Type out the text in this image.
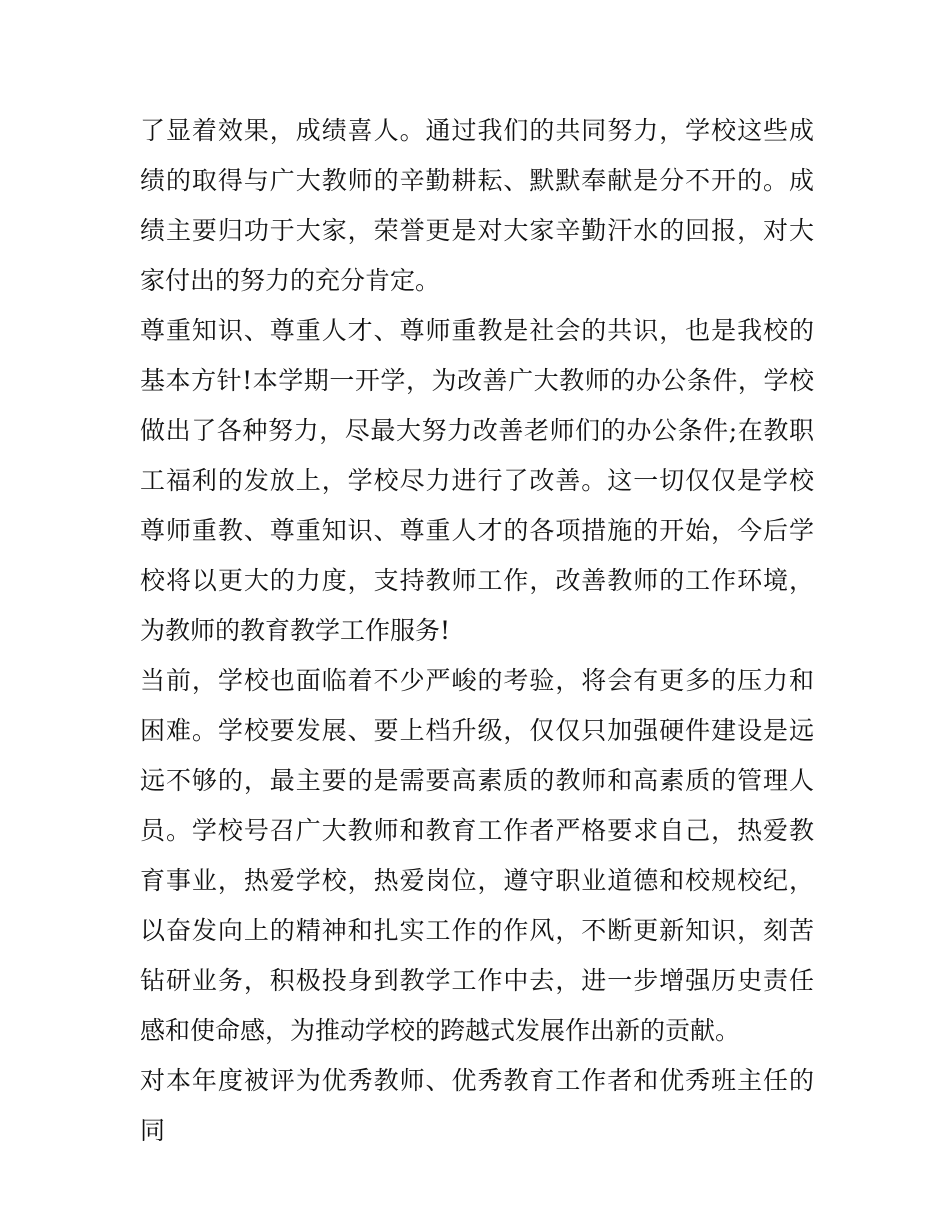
了显着效果，成绩喜人。通过我们的共同努力，学校这些成绩的取得与广大教师的辛勤耕耘、默默奉献是分不开的。成绩主要归功于大家，荣誉更是对大家辛勤汗水的回报，对大家付出的努力的充分肯定。

尊重知识、尊重人才、尊师重教是社会的共识，也是我校的基本方针!本学期一开学，为改善广大教师的办公条件，学校做出了各种努力，尽最大努力改善老师们的办公条件;在教职工福利的发放上，学校尽力进行了改善。这一切仅仅是学校尊师重教、尊重知识、尊重人才的各项措施的开始，今后学校将以更大的力度，支持教师工作，改善教师的工作环境，为教师的教育教学工作服务!

当前，学校也面临着不少严峻的考验，将会有更多的压力和困难。学校要发展、要上档升级，仅仅只加强硬件建设是远远不够的，最主要的是需要高素质的教师和高素质的管理人员。学校号召广大教师和教育工作者严格要求自己，热爱教育事业，热爱学校，热爱岗位，遵守职业道德和校规校纪，以奋发向上的精神和扎实工作的作风，不断更新知识，刻苦钻研业务，积极投身到教学工作中去，进一步增强历史责任感和使命感，为推动学校的跨越式发展作出新的贡献。

对本年度被评为优秀教师、优秀教育工作者和优秀班主任的同
